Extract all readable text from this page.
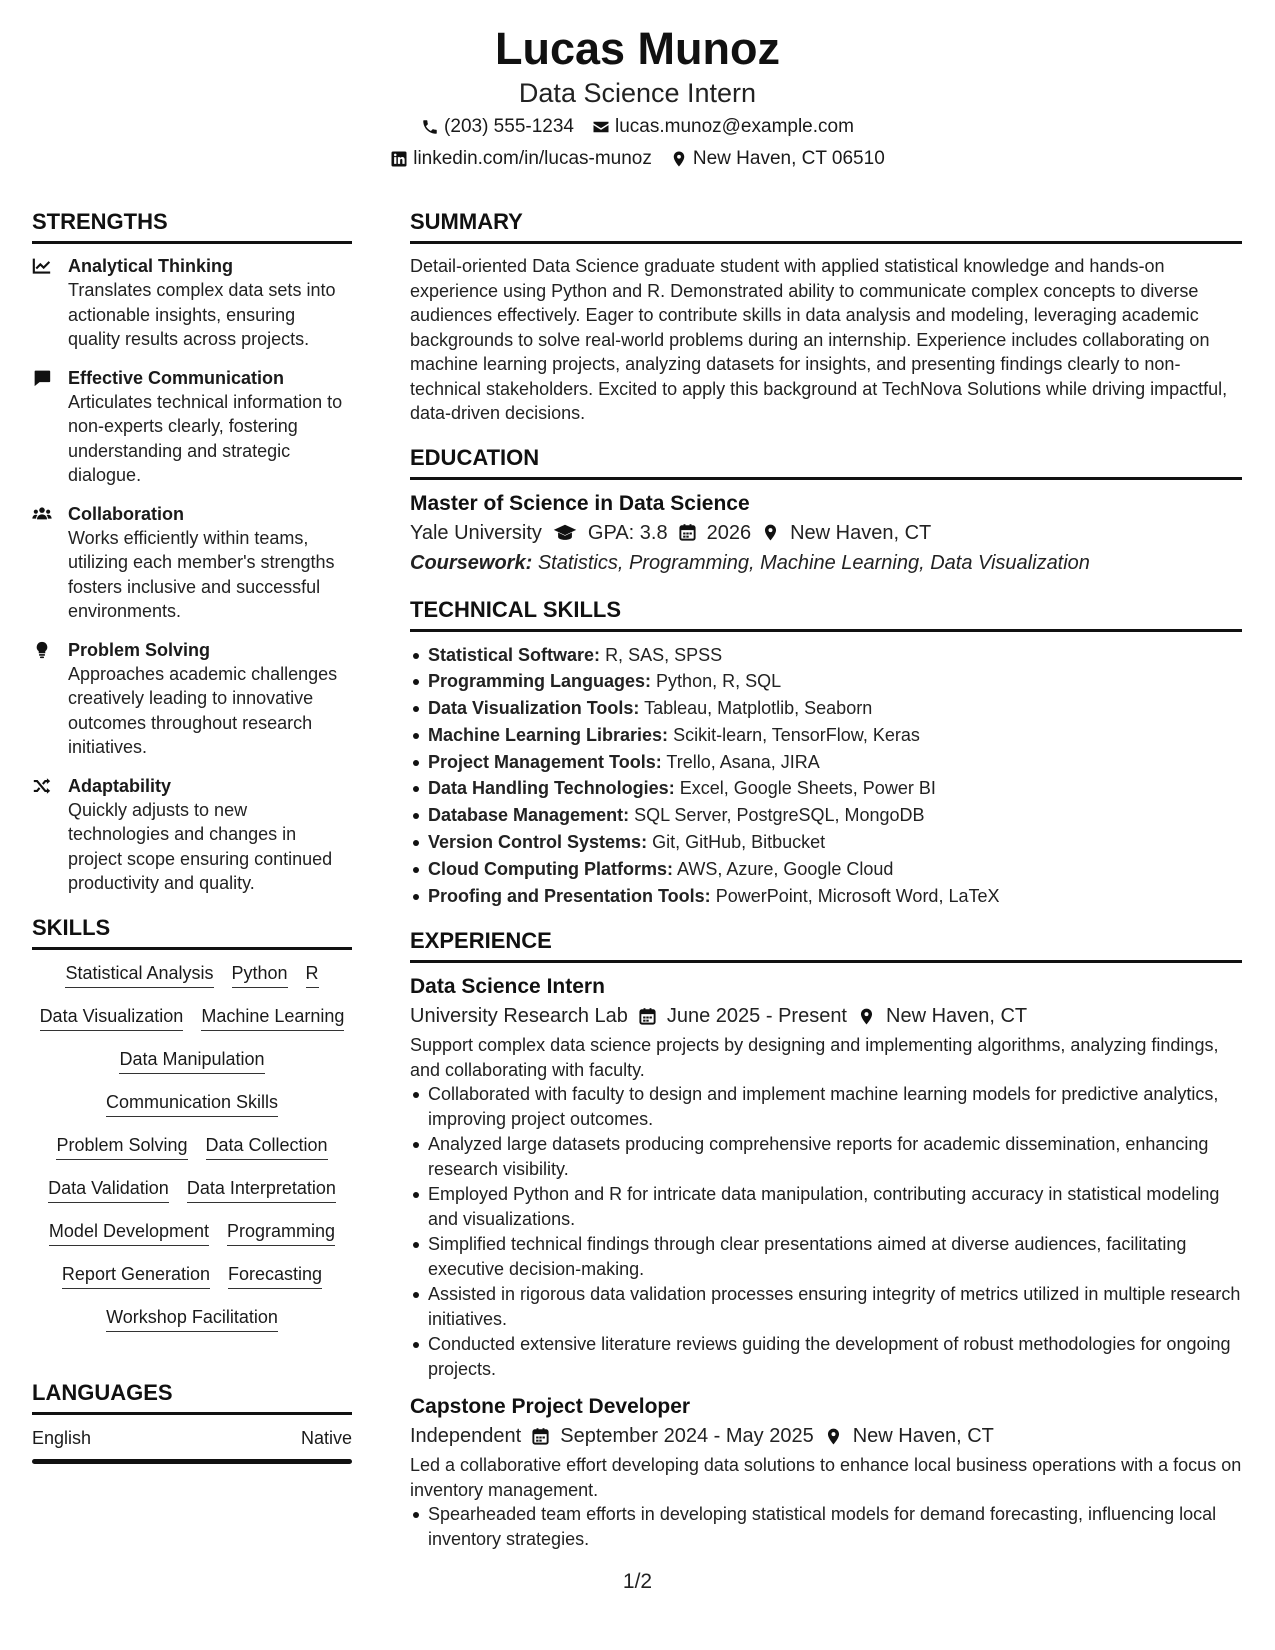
Lucas Munoz
Data Science Intern
(203) 555-1234 lucas.munoz@example.com
linkedin.com/in/lucas-munoz New Haven, CT 06510
STRENGTHS
Analytical Thinking
Translates complex data sets into actionable insights, ensuring quality results across projects.
Effective Communication
Articulates technical information to non-experts clearly, fostering understanding and strategic dialogue.
Collaboration
Works efficiently within teams, utilizing each member's strengths fosters inclusive and successful environments.
Problem Solving
Approaches academic challenges creatively leading to innovative outcomes throughout research initiatives.
Adaptability
Quickly adjusts to new technologies and changes in project scope ensuring continued productivity and quality.
SKILLS
Statistical Analysis Python R
Data Visualization Machine Learning
Data Manipulation
Communication Skills
Problem Solving Data Collection
Data Validation Data Interpretation
Model Development Programming
Report Generation Forecasting
Workshop Facilitation
LANGUAGES
English	Native
SUMMARY
Detail-oriented Data Science graduate student with applied statistical knowledge and hands-on experience using Python and R. Demonstrated ability to communicate complex concepts to diverse audiences effectively. Eager to contribute skills in data analysis and modeling, leveraging academic backgrounds to solve real-world problems during an internship. Experience includes collaborating on machine learning projects, analyzing datasets for insights, and presenting findings clearly to non-technical stakeholders. Excited to apply this background at TechNova Solutions while driving impactful, data-driven decisions.
EDUCATION
Master of Science in Data Science
Yale University GPA: 3.8 2026 New Haven, CT
Coursework: Statistics, Programming, Machine Learning, Data Visualization
TECHNICAL SKILLS
Statistical Software: R, SAS, SPSS
Programming Languages: Python, R, SQL
Data Visualization Tools: Tableau, Matplotlib, Seaborn
Machine Learning Libraries: Scikit-learn, TensorFlow, Keras
Project Management Tools: Trello, Asana, JIRA
Data Handling Technologies: Excel, Google Sheets, Power BI
Database Management: SQL Server, PostgreSQL, MongoDB
Version Control Systems: Git, GitHub, Bitbucket
Cloud Computing Platforms: AWS, Azure, Google Cloud
Proofing and Presentation Tools: PowerPoint, Microsoft Word, LaTeX
EXPERIENCE
Data Science Intern
University Research Lab June 2025 - Present New Haven, CT
Support complex data science projects by designing and implementing algorithms, analyzing findings, and collaborating with faculty.
Collaborated with faculty to design and implement machine learning models for predictive analytics, improving project outcomes.
Analyzed large datasets producing comprehensive reports for academic dissemination, enhancing research visibility.
Employed Python and R for intricate data manipulation, contributing accuracy in statistical modeling and visualizations.
Simplified technical findings through clear presentations aimed at diverse audiences, facilitating executive decision-making.
Assisted in rigorous data validation processes ensuring integrity of metrics utilized in multiple research initiatives.
Conducted extensive literature reviews guiding the development of robust methodologies for ongoing projects.
Capstone Project Developer
Independent September 2024 - May 2025 New Haven, CT
Led a collaborative effort developing data solutions to enhance local business operations with a focus on inventory management.
Spearheaded team efforts in developing statistical models for demand forecasting, influencing local inventory strategies.
1/2
